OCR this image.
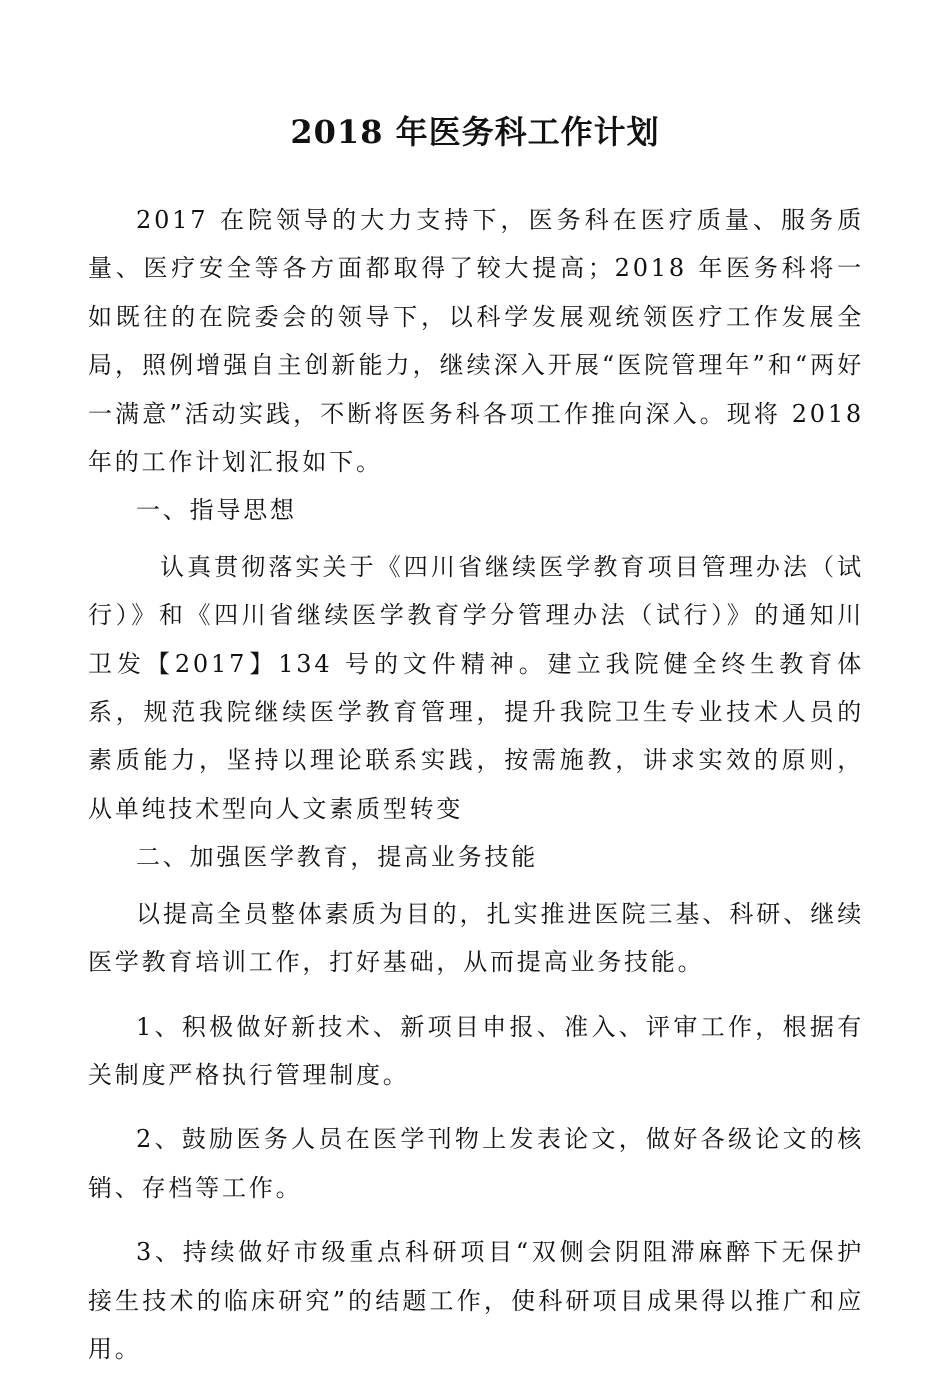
2018 年医务科工作计划

2017 在院领导的大力支持下，医务科在医疗质量、服务质量、医疗安全等各方面都取得了较大提高；2018 年医务科将一如既往的在院委会的领导下，以科学发展观统领医疗工作发展全局，照例增强自主创新能力，继续深入开展“医院管理年”和“两好一满意”活动实践，不断将医务科各项工作推向深入。现将 2018 年的工作计划汇报如下。

一、指导思想

认真贯彻落实关于《四川省继续医学教育项目管理办法（试行）》和《四川省继续医学教育学分管理办法（试行）》的通知川卫发【2017】134 号的文件精神。建立我院健全终生教育体系，规范我院继续医学教育管理，提升我院卫生专业技术人员的素质能力，坚持以理论联系实践，按需施教，讲求实效的原则，从单纯技术型向人文素质型转变

二、加强医学教育，提高业务技能

以提高全员整体素质为目的，扎实推进医院三基、科研、继续医学教育培训工作，打好基础，从而提高业务技能。

1、积极做好新技术、新项目申报、准入、评审工作，根据有关制度严格执行管理制度。

2、鼓励医务人员在医学刊物上发表论文，做好各级论文的核销、存档等工作。

3、持续做好市级重点科研项目“双侧会阴阻滞麻醉下无保护接生技术的临床研究”的结题工作，使科研项目成果得以推广和应用。
